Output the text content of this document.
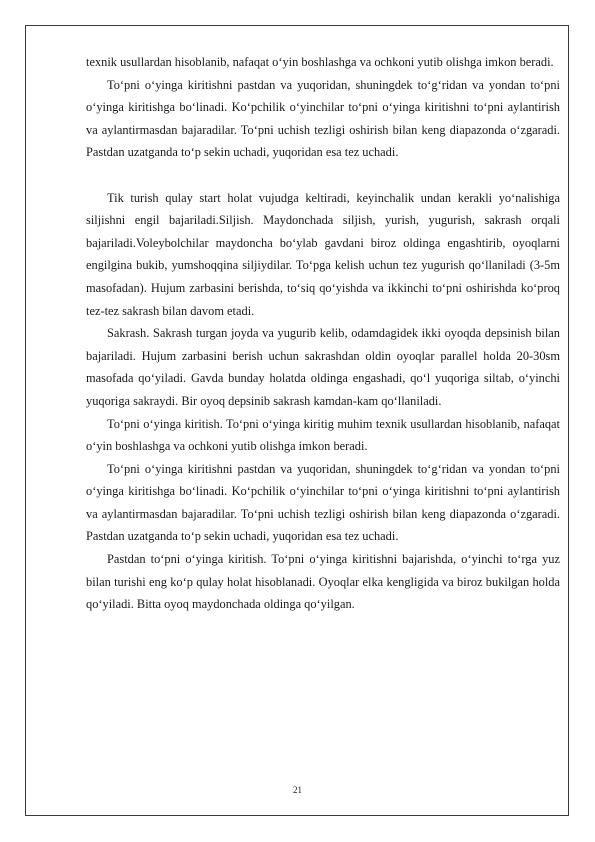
texnik usullardan hisoblanib, nafaqat o‘yin boshlashga va ochkoni yutib olishga imkon beradi.

To‘pni o‘yinga kiritishni pastdan va yuqoridan, shuningdek to‘g‘ridan va yondan to‘pni o‘yinga kiritishga bo‘linadi. Ko‘pchilik o‘yinchilar to‘pni o‘yinga kiritishni to‘pni aylantirish va aylantirmasdan bajaradilar. To‘pni uchish tezligi oshirish bilan keng diapazonda o‘zgaradi. Pastdan uzatganda to‘p sekin uchadi, yuqoridan esa tez uchadi.

Tik turish qulay start holat vujudga keltiradi, keyinchalik undan kerakli yo‘nalishiga siljishni engil bajariladi.Siljish. Maydonchada siljish, yurish, yugurish, sakrash orqali bajariladi.Voleybolchilar maydoncha bo‘ylab gavdani biroz oldinga engashtirib, oyoqlarni engilgina bukib, yumshoqqina siljiydilar. To‘pga kelish uchun tez yugurish qo‘llaniladi (3-5m masofadan). Hujum zarbasini berishda, to‘siq qo‘yishda va ikkinchi to‘pni oshirishda ko‘proq tez-tez sakrash bilan davom etadi.

Sakrash. Sakrash turgan joyda va yugurib kelib, odamdagidek ikki oyoqda depsinish bilan bajariladi. Hujum zarbasini berish uchun sakrashdan oldin oyoqlar parallel holda 20-30sm masofada qo‘yiladi. Gavda bunday holatda oldinga engashadi, qo‘l yuqoriga siltab, o‘yinchi yuqoriga sakraydi. Bir oyoq depsinib sakrash kamdan-kam qo‘llaniladi.

To‘pni o‘yinga kiritish. To‘pni o‘yinga kiritig muhim texnik usullardan hisoblanib, nafaqat o‘yin boshlashga va ochkoni yutib olishga imkon beradi.

To‘pni o‘yinga kiritishni pastdan va yuqoridan, shuningdek to‘g‘ridan va yondan to‘pni o‘yinga kiritishga bo‘linadi. Ko‘pchilik o‘yinchilar to‘pni o‘yinga kiritishni to‘pni aylantirish va aylantirmasdan bajaradilar. To‘pni uchish tezligi oshirish bilan keng diapazonda o‘zgaradi. Pastdan uzatganda to‘p sekin uchadi, yuqoridan esa tez uchadi.

Pastdan to‘pni o‘yinga kiritish. To‘pni o‘yinga kiritishni bajarishda, o‘yinchi to‘rga yuz bilan turishi eng ko‘p qulay holat hisoblanadi. Oyoqlar elka kengligida va biroz bukilgan holda qo‘yiladi. Bitta oyoq maydonchada oldinga qo‘yilgan.

21
